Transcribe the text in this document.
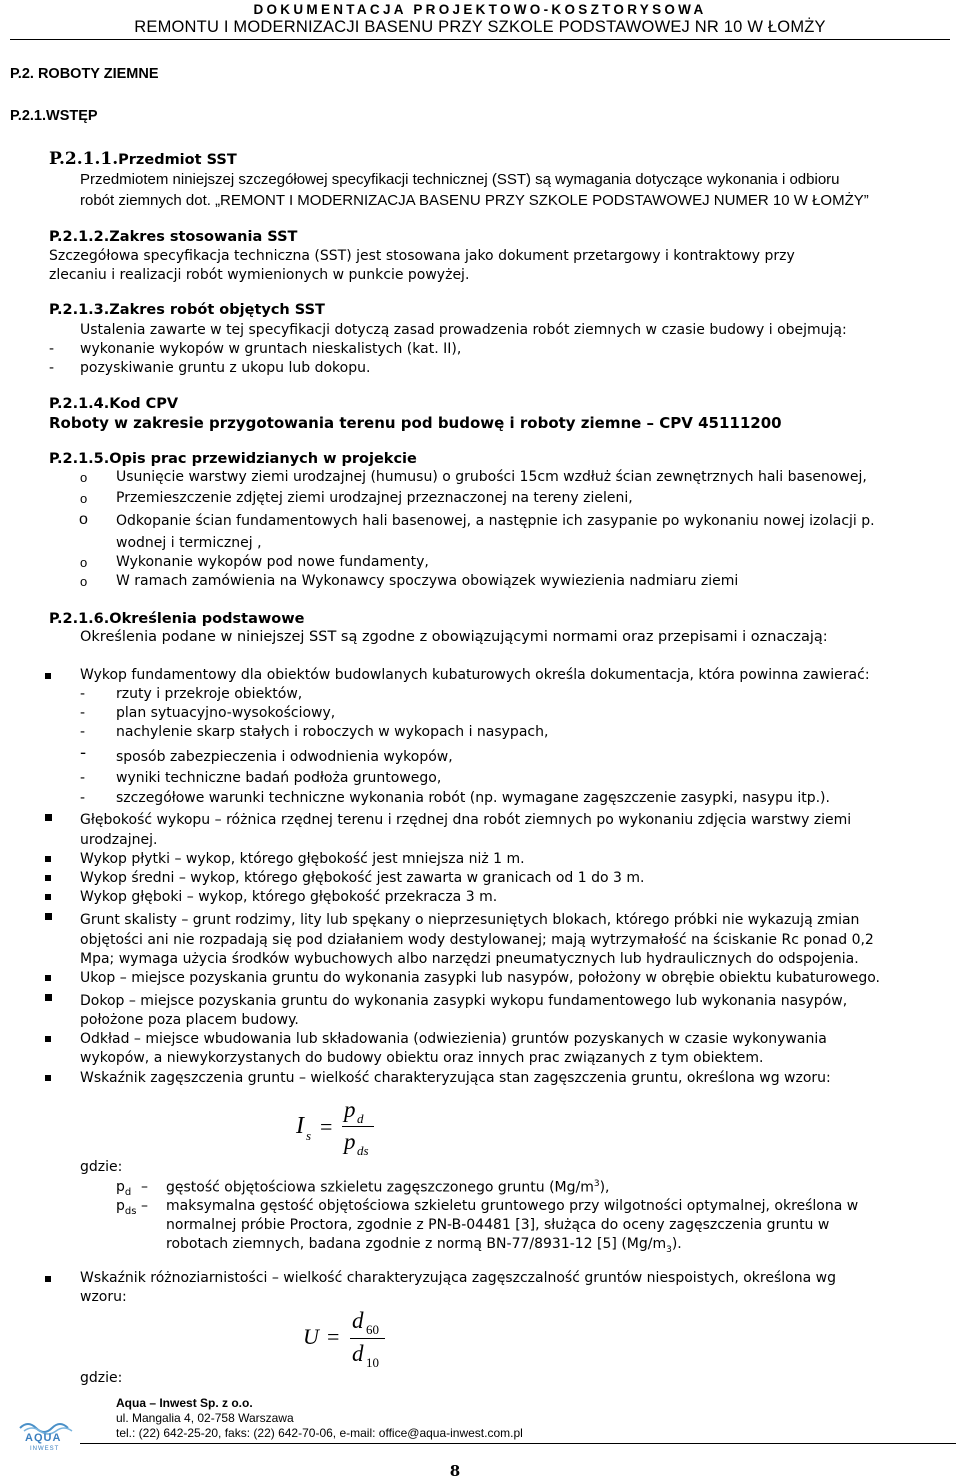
DOKUMENTACJA PROJEKTOWO-KOSZTORYSOWA
REMONTU I MODERNIZACJI BASENU PRZY SZKOLE PODSTAWOWEJ NR 10 W ŁOMŻY
P.2. ROBOTY ZIEMNE
P.2.1.WSTĘP
P.2.1.1.Przedmiot SST
Przedmiotem niniejszej szczegółowej specyfikacji technicznej (SST) są wymagania dotyczące wykonania i odbioru
robót ziemnych dot. „REMONT I MODERNIZACJA BASENU PRZY SZKOLE PODSTAWOWEJ NUMER 10 W ŁOMŻY”
P.2.1.2.Zakres stosowania SST
Szczegółowa specyfikacja techniczna (SST) jest stosowana jako dokument przetargowy i kontraktowy przy
zlecaniu i realizacji robót wymienionych w punkcie powyżej.
P.2.1.3.Zakres robót objętych SST
Ustalenia zawarte w tej specyfikacji dotyczą zasad prowadzenia robót ziemnych w czasie budowy i obejmują:
- wykonanie wykopów w gruntach nieskalistych (kat. II),
- pozyskiwanie gruntu z ukopu lub dokopu.
P.2.1.4.Kod CPV
Roboty w zakresie przygotowania terenu pod budowę i roboty ziemne – CPV 45111200
P.2.1.5.Opis prac przewidzianych w projekcie
o Usunięcie warstwy ziemi urodzajnej (humusu) o grubości 15cm wzdłuż ścian zewnętrznych hali basenowej,
o Przemieszczenie zdjętej ziemi urodzajnej przeznaczonej na tereny zieleni,
o Odkopanie ścian fundamentowych hali basenowej, a następnie ich zasypanie po wykonaniu nowej izolacji p.
wodnej i termicznej ,
o Wykonanie wykopów pod nowe fundamenty,
o W ramach zamówienia na Wykonawcy spoczywa obowiązek wywiezienia nadmiaru ziemi
P.2.1.6.Określenia podstawowe
Określenia podane w niniejszej SST są zgodne z obowiązującymi normami oraz przepisami i oznaczają:
Wykop fundamentowy dla obiektów budowlanych kubaturowych określa dokumentacja, która powinna zawierać:
- rzuty i przekroje obiektów,
- plan sytuacyjno-wysokościowy,
- nachylenie skarp stałych i roboczych w wykopach i nasypach,
- sposób zabezpieczenia i odwodnienia wykopów,
- wyniki techniczne badań podłoża gruntowego,
- szczegółowe warunki techniczne wykonania robót (np. wymagane zagęszczenie zasypki, nasypu itp.).
Głębokość wykopu – różnica rzędnej terenu i rzędnej dna robót ziemnych po wykonaniu zdjęcia warstwy ziemi
urodzajnej.
Wykop płytki – wykop, którego głębokość jest mniejsza niż 1 m.
Wykop średni – wykop, którego głębokość jest zawarta w granicach od 1 do 3 m.
Wykop głęboki – wykop, którego głębokość przekracza 3 m.
Grunt skalisty – grunt rodzimy, lity lub spękany o nieprzesuniętych blokach, którego próbki nie wykazują zmian
objętości ani nie rozpadają się pod działaniem wody destylowanej; mają wytrzymałość na ściskanie Rc ponad 0,2
Mpa; wymaga użycia środków wybuchowych albo narzędzi pneumatycznych lub hydraulicznych do odspojenia.
Ukop – miejsce pozyskania gruntu do wykonania zasypki lub nasypów, położony w obrębie obiektu kubaturowego.
Dokop – miejsce pozyskania gruntu do wykonania zasypki wykopu fundamentowego lub wykonania nasypów,
położone poza placem budowy.
Odkład – miejsce wbudowania lub składowania (odwiezienia) gruntów pozyskanych w czasie wykonywania
wykopów, a niewykorzystanych do budowy obiektu oraz innych prac związanych z tym obiektem.
Wskaźnik zagęszczenia gruntu – wielkość charakteryzująca stan zagęszczenia gruntu, określona wg wzoru:
I s =
p d
p ds
gdzie:
$p_d$ – gęstość objętościowa szkieletu zagęszczonego gruntu $(Mg/m^3)$,
$p_{ds}$ – maksymalna gęstość objętościowa szkieletu gruntowego przy wilgotności optymalnej, określona w
normalnej próbie Proctora, zgodnie z PN-B-04481 [3], służąca do oceny zagęszczenia gruntu w
robotach ziemnych, badana zgodnie z normą BN-77/8931-12 [5] $(Mg/m_3)$.
Wskaźnik różnoziarnistości – wielkość charakteryzująca zagęszczalność gruntów niespoistych, określona wg
wzoru:
U =
d 60
d 10
gdzie:
AQUA
INWEST
Aqua – Inwest Sp. z o.o.
ul. Mangalia 4, 02-758 Warszawa
tel.: (22) 642-25-20, faks: (22) 642-70-06, e-mail: office@aqua-inwest.com.pl
8
